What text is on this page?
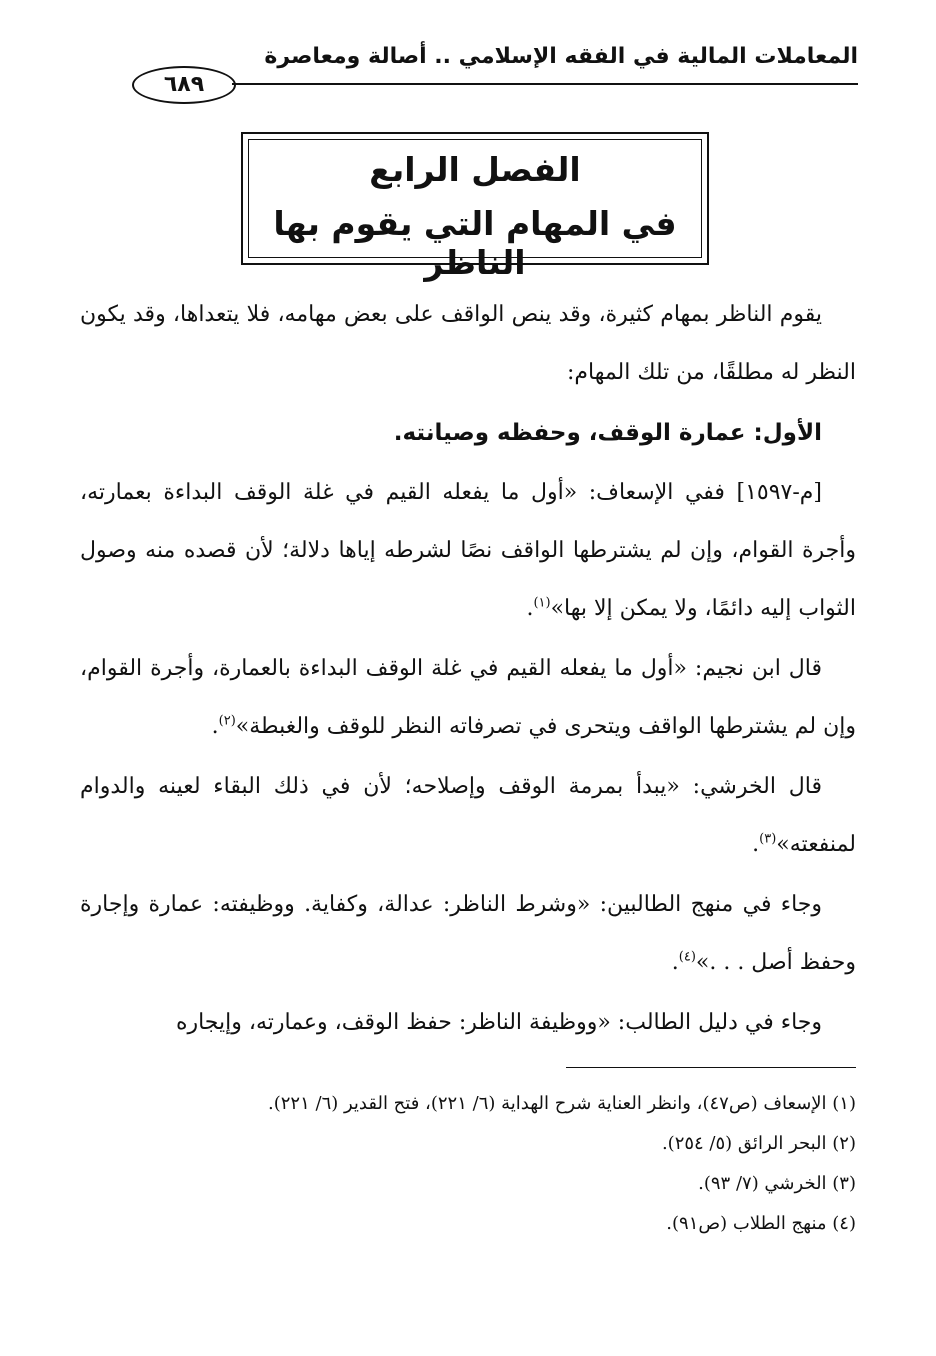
المعاملات المالية في الفقه الإسلامي .. أصالة ومعاصرة
٦٨٩
الفصل الرابع
في المهام التي يقوم بها الناظر

يقوم الناظر بمهام كثيرة، وقد ينص الواقف على بعض مهامه، فلا يتعداها، وقد يكون النظر له مطلقًا، من تلك المهام:

الأول: عمارة الوقف، وحفظه وصيانته.

[م-١٥٩٧] ففي الإسعاف: «أول ما يفعله القيم في غلة الوقف البداءة بعمارته، وأجرة القوام، وإن لم يشترطها الواقف نصًا لشرطه إياها دلالة؛ لأن قصده منه وصول الثواب إليه دائمًا، ولا يمكن إلا بها»$^{(١)}$.

قال ابن نجيم: «أول ما يفعله القيم في غلة الوقف البداءة بالعمارة، وأجرة القوام، وإن لم يشترطها الواقف ويتحرى في تصرفاته النظر للوقف والغبطة»$^{(٢)}$.

قال الخرشي: «يبدأ بمرمة الوقف وإصلاحه؛ لأن في ذلك البقاء لعينه والدوام لمنفعته»$^{(٣)}$.

وجاء في منهج الطالبين: «وشرط الناظر: عدالة، وكفاية. ووظيفته: عمارة وإجارة وحفظ أصل . . .»$^{(٤)}$.

وجاء في دليل الطالب: «ووظيفة الناظر: حفظ الوقف، وعمارته، وإيجاره

(١) الإسعاف (ص٤٧)، وانظر العناية شرح الهداية (٦/ ٢٢١)، فتح القدير (٦/ ٢٢١).
(٢) البحر الرائق (٥/ ٢٥٤).
(٣) الخرشي (٧/ ٩٣).
(٤) منهج الطلاب (ص٩١).
